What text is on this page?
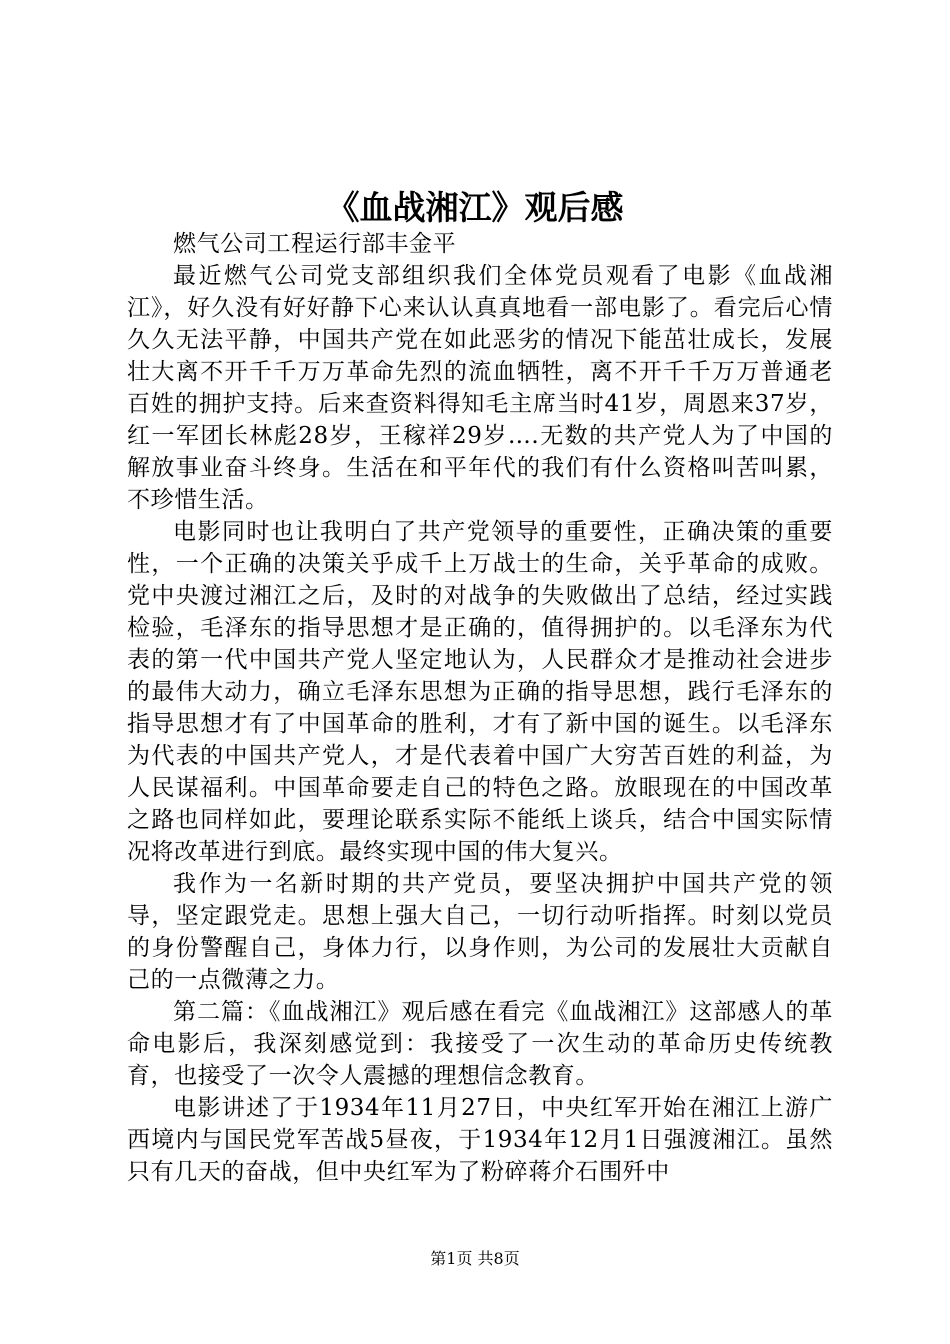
《血战湘江》观后感

燃气公司工程运行部丰金平

最近燃气公司党支部组织我们全体党员观看了电影《血战湘江》，好久没有好好静下心来认认真真地看一部电影了。看完后心情久久无法平静，中国共产党在如此恶劣的情况下能茁壮成长，发展壮大离不开千千万万革命先烈的流血牺牲，离不开千千万万普通老百姓的拥护支持。后来查资料得知毛主席当时41岁，周恩来37岁，红一军团长林彪28岁，王稼祥29岁….无数的共产党人为了中国的解放事业奋斗终身。生活在和平年代的我们有什么资格叫苦叫累，不珍惜生活。

电影同时也让我明白了共产党领导的重要性，正确决策的重要性，一个正确的决策关乎成千上万战士的生命，关乎革命的成败。党中央渡过湘江之后，及时的对战争的失败做出了总结，经过实践检验，毛泽东的指导思想才是正确的，值得拥护的。以毛泽东为代表的第一代中国共产党人坚定地认为，人民群众才是推动社会进步的最伟大动力，确立毛泽东思想为正确的指导思想，践行毛泽东的指导思想才有了中国革命的胜利，才有了新中国的诞生。以毛泽东为代表的中国共产党人，才是代表着中国广大穷苦百姓的利益，为人民谋福利。中国革命要走自己的特色之路。放眼现在的中国改革之路也同样如此，要理论联系实际不能纸上谈兵，结合中国实际情况将改革进行到底。最终实现中国的伟大复兴。

我作为一名新时期的共产党员，要坚决拥护中国共产党的领导，坚定跟党走。思想上强大自己，一切行动听指挥。时刻以党员的身份警醒自己，身体力行，以身作则，为公司的发展壮大贡献自己的一点微薄之力。

第二篇：《血战湘江》观后感在看完《血战湘江》这部感人的革命电影后，我深刻感觉到：我接受了一次生动的革命历史传统教育，也接受了一次令人震撼的理想信念教育。

电影讲述了于1934年11月27日，中央红军开始在湘江上游广西境内与国民党军苦战5昼夜，于1934年12月1日强渡湘江。虽然只有几天的奋战，但中央红军为了粉碎蒋介石围歼中

第1页 共8页
